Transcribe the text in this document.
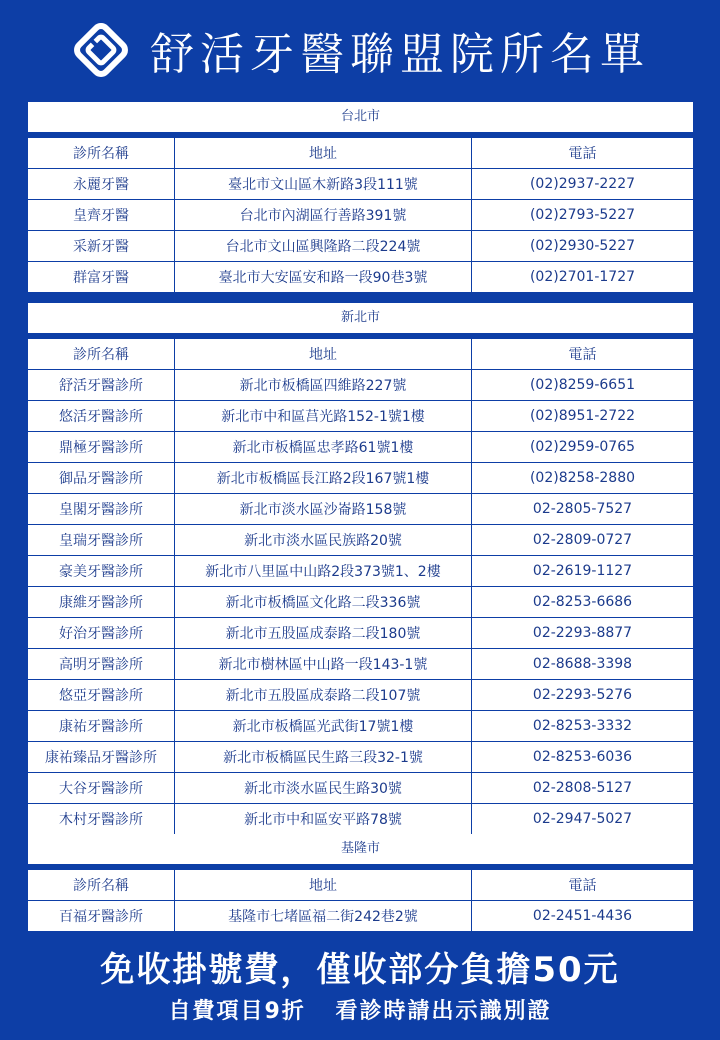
舒活牙醫聯盟院所名單
台北市
診所名稱	地址	電話
永麗牙醫	臺北市文山區木新路3段111號	(02)2937-2227
皇齊牙醫	台北市內湖區行善路391號	(02)2793-5227
采新牙醫	台北市文山區興隆路二段224號	(02)2930-5227
群富牙醫	臺北市大安區安和路一段90巷3號	(02)2701-1727
新北市
診所名稱	地址	電話
舒活牙醫診所	新北市板橋區四維路227號	(02)8259-6651
悠活牙醫診所	新北市中和區莒光路152-1號1樓	(02)8951-2722
鼎極牙醫診所	新北市板橋區忠孝路61號1樓	(02)2959-0765
御品牙醫診所	新北市板橋區長江路2段167號1樓	(02)8258-2880
皇閣牙醫診所	新北市淡水區沙崙路158號	02-2805-7527
皇瑞牙醫診所	新北市淡水區民族路20號	02-2809-0727
豪美牙醫診所	新北市八里區中山路2段373號1、2樓	02-2619-1127
康維牙醫診所	新北市板橋區文化路二段336號	02-8253-6686
好治牙醫診所	新北市五股區成泰路二段180號	02-2293-8877
高明牙醫診所	新北市樹林區中山路一段143-1號	02-8688-3398
悠亞牙醫診所	新北市五股區成泰路二段107號	02-2293-5276
康祐牙醫診所	新北市板橋區光武街17號1樓	02-8253-3332
康祐臻品牙醫診所	新北市板橋區民生路三段32-1號	02-8253-6036
大谷牙醫診所	新北市淡水區民生路30號	02-2808-5127
木村牙醫診所	新北市中和區安平路78號	02-2947-5027
基隆市
診所名稱	地址	電話
百福牙醫診所	基隆市七堵區福二街242巷2號	02-2451-4436
免收掛號費，僅收部分負擔50元
自費項目9折 看診時請出示識別證
